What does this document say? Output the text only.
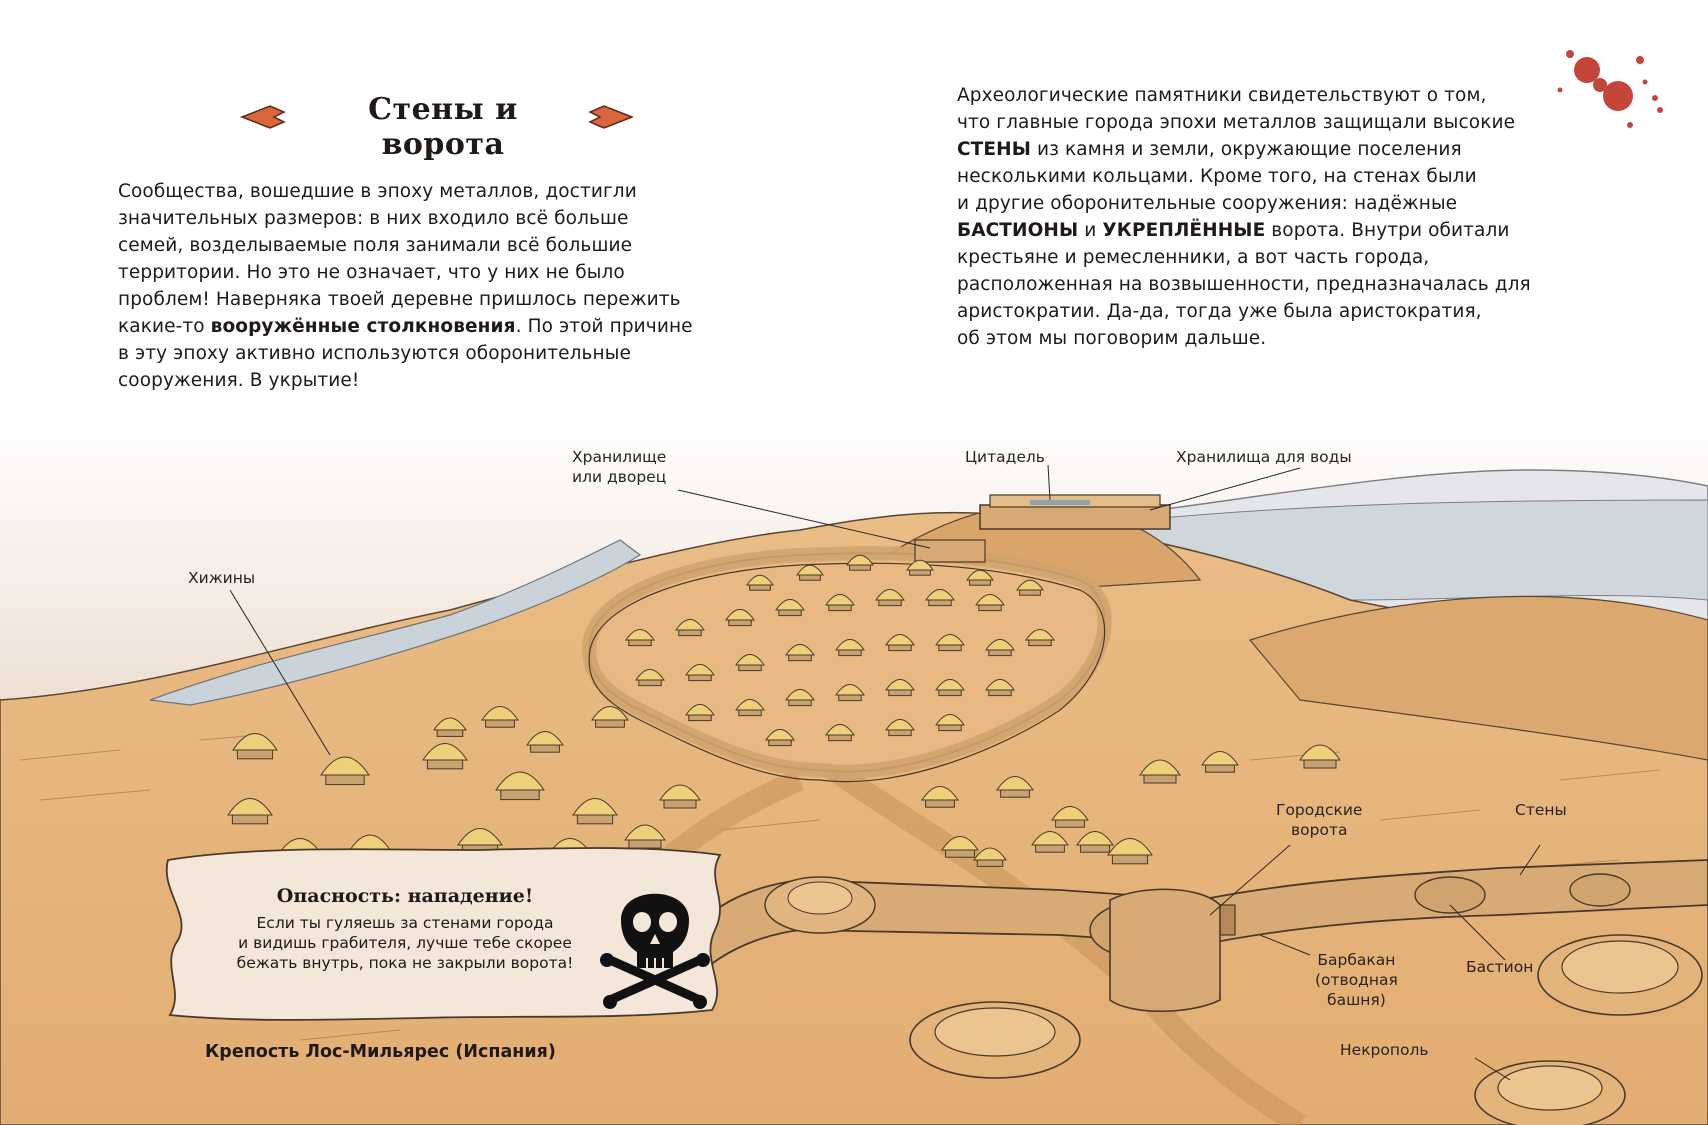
Стены и ворота
Сообщества, вошедшие в эпоху металлов, достигли
значительных размеров: в них входило всё больше
семей, возделываемые поля занимали всё большие
территории. Но это не означает, что у них не было
проблем! Наверняка твоей деревне пришлось пережить
какие-то вооружённые столкновения. По этой причине
в эту эпоху активно используются оборонительные
сооружения. В укрытие!
Археологические памятники свидетельствуют о том,
что главные города эпохи металлов защищали высокие
СТЕНЫ из камня и земли, окружающие поселения
несколькими кольцами. Кроме того, на стенах были
и другие оборонительные сооружения: надёжные
БАСТИОНЫ и УКРЕПЛЁННЫЕ ворота. Внутри обитали
крестьяне и ремесленники, а вот часть города,
расположенная на возвышенности, предназначалась для
аристократии. Да-да, тогда уже была аристократия,
об этом мы поговорим дальше.
Хранилище
или дворец
Цитадель	Хранилища для воды
Хижины
Городские
ворота
Стены
Барбакан
(отводная
башня)
Бастион
Некрополь
Опасность: нападение!
Если ты гуляешь за стенами города
и видишь грабителя, лучше тебе скорее
бежать внутрь, пока не закрыли ворота!
Крепость Лос-Мильярес (Испания)
